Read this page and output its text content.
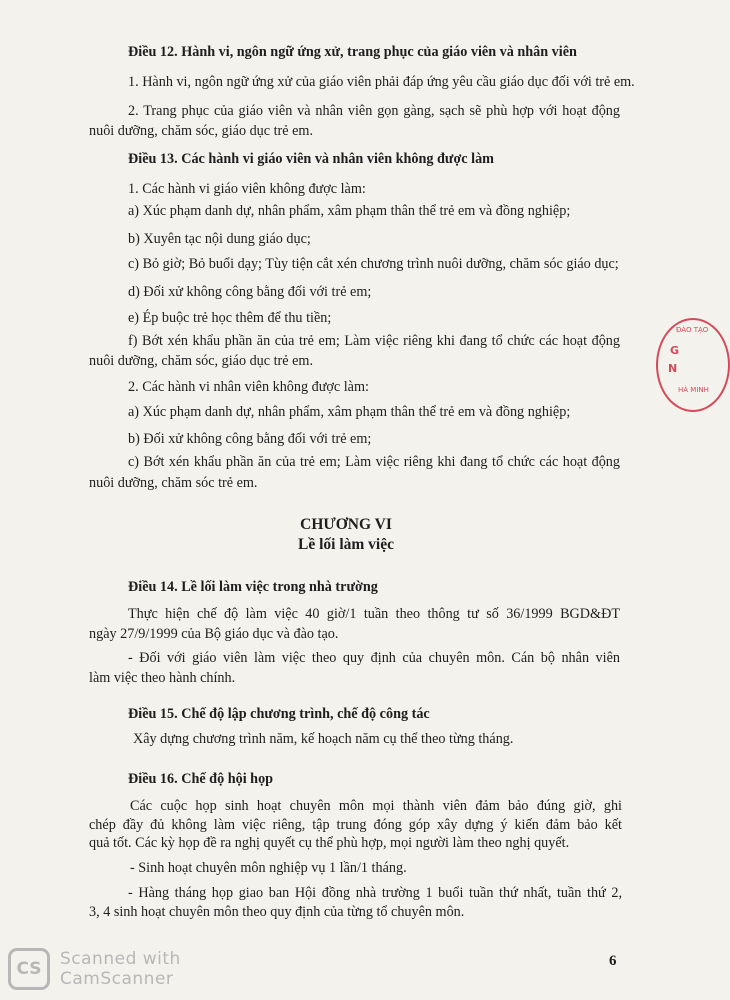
Điều 12. Hành vi, ngôn ngữ ứng xử, trang phục của giáo viên và nhân viên
1. Hành vi, ngôn ngữ ứng xử của giáo viên phải đáp ứng yêu cầu giáo dục đối với trẻ em.
2. Trang phục của giáo viên và nhân viên gọn gàng, sạch sẽ phù hợp với hoạt động
nuôi dưỡng, chăm sóc, giáo dục trẻ em.
Điều 13. Các hành vi giáo viên và nhân viên không được làm
1. Các hành vi giáo viên không được làm:
a) Xúc phạm danh dự, nhân phẩm, xâm phạm thân thể trẻ em và đồng nghiệp;
b) Xuyên tạc nội dung giáo dục;
c) Bỏ giờ; Bỏ buổi dạy; Tùy tiện cắt xén chương trình nuôi dưỡng, chăm sóc giáo dục;
d) Đối xử không công bằng đối với trẻ em;
e) Ép buộc trẻ học thêm để thu tiền;
f) Bớt xén khẩu phần ăn của trẻ em; Làm việc riêng khi đang tổ chức các hoạt động
nuôi dưỡng, chăm sóc, giáo dục trẻ em.
2. Các hành vi nhân viên không được làm:
a) Xúc phạm danh dự, nhân phẩm, xâm phạm thân thể trẻ em và đồng nghiệp;
b) Đối xử không công bằng đối với trẻ em;
c) Bớt xén khẩu phần ăn của trẻ em; Làm việc riêng khi đang tổ chức các hoạt động
nuôi dưỡng, chăm sóc trẻ em.
CHƯƠNG VI
Lề lối làm việc
Điều 14. Lề lối làm việc trong nhà trường
Thực hiện chế độ làm việc 40 giờ/1 tuần theo thông tư số 36/1999 BGD&ĐT
ngày 27/9/1999 của Bộ giáo dục và đào tạo.
- Đối với giáo viên làm việc theo quy định của chuyên môn. Cán bộ nhân viên
làm việc theo hành chính.
Điều 15. Chế độ lập chương trình, chế độ công tác
Xây dựng chương trình năm, kế hoạch năm cụ thể theo từng tháng.
Điều 16. Chế độ hội họp
Các cuộc họp sinh hoạt chuyên môn mọi thành viên đảm bảo đúng giờ, ghi
chép đầy đủ không làm việc riêng, tập trung đóng góp xây dựng ý kiến đảm bảo kết
quả tốt. Các kỳ họp đề ra nghị quyết cụ thể phù hợp, mọi người làm theo nghị quyết.
- Sinh hoạt chuyên môn nghiệp vụ 1 lần/1 tháng.
- Hàng tháng họp giao ban Hội đồng nhà trường 1 buổi tuần thứ nhất, tuần thứ 2,
3, 4 sinh hoạt chuyên môn theo quy định của từng tổ chuyên môn.
6
ĐÀO TẠO
G
N
HÀ MINH
CS	Scanned with
CamScanner
